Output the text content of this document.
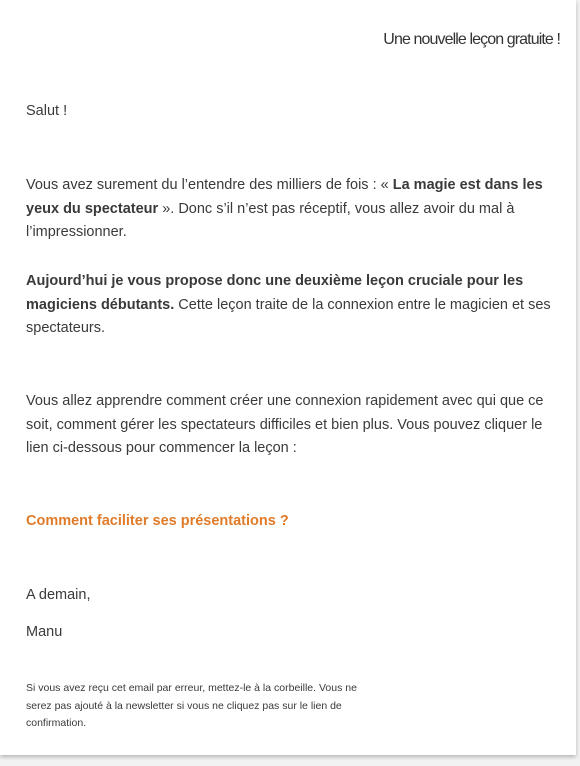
Une nouvelle leçon gratuite !

Salut !

Vous avez surement du l’entendre des milliers de fois : « La magie est dans les yeux du spectateur ». Donc s’il n’est pas réceptif, vous allez avoir du mal à l’impressionner.

Aujourd’hui je vous propose donc une deuxième leçon cruciale pour les magiciens débutants. Cette leçon traite de la connexion entre le magicien et ses spectateurs.

Vous allez apprendre comment créer une connexion rapidement avec qui que ce soit, comment gérer les spectateurs difficiles et bien plus. Vous pouvez cliquer le lien ci-dessous pour commencer la leçon :

Comment faciliter ses présentations ?

A demain,

Manu

Si vous avez reçu cet email par erreur, mettez-le à la corbeille. Vous ne serez pas ajouté à la newsletter si vous ne cliquez pas sur le lien de confirmation.
